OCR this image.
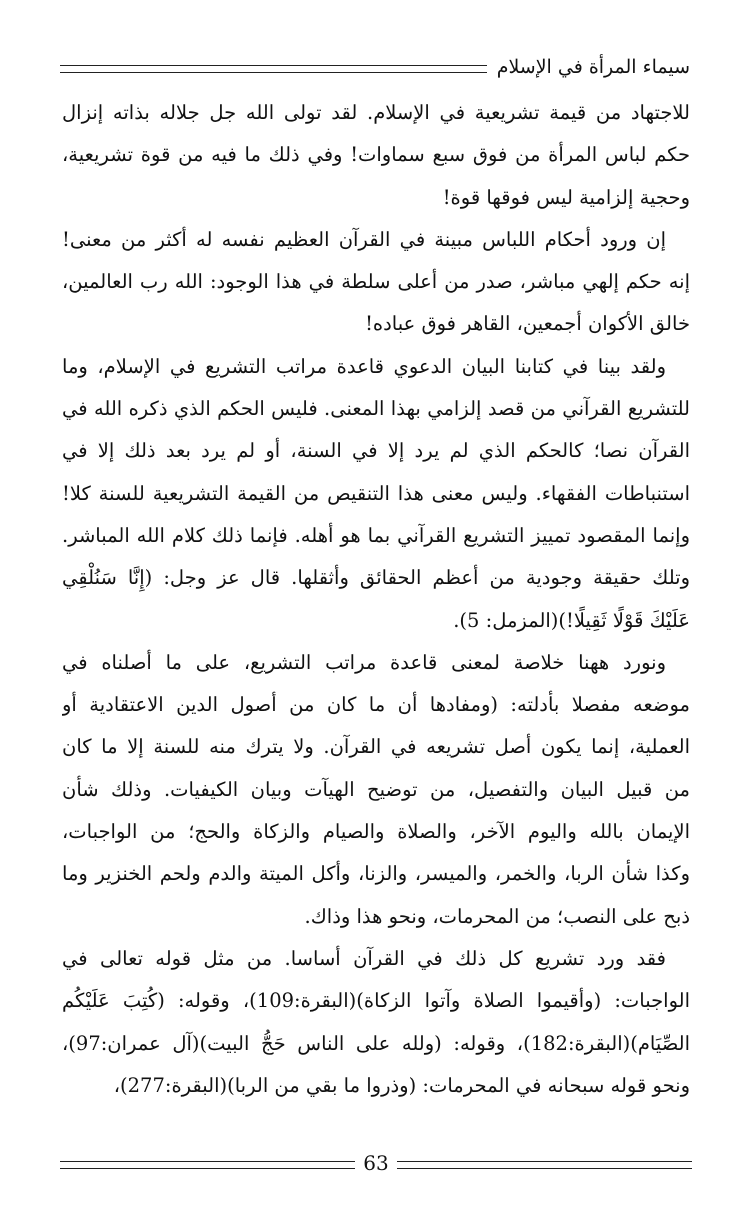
سيماء المرأة في الإسلام
للاجتهاد من قيمة تشريعية في الإسلام. لقد تولى الله جل جلاله بذاته إنزال
حكم لباس المرأة من فوق سبع سماوات! وفي ذلك ما فيه من قوة تشريعية،
وحجية إلزامية ليس فوقها قوة!
إن ورود أحكام اللباس مبينة في القرآن العظيم نفسه له أكثر من معنى!
إنه حكم إلهي مباشر، صدر من أعلى سلطة في هذا الوجود: الله رب العالمين،
خالق الأكوان أجمعين، القاهر فوق عباده!
ولقد بينا في كتابنا البيان الدعوي قاعدة مراتب التشريع في الإسلام، وما
للتشريع القرآني من قصد إلزامي بهذا المعنى. فليس الحكم الذي ذكره الله في
القرآن نصا؛ كالحكم الذي لم يرد إلا في السنة، أو لم يرد بعد ذلك إلا في
استنباطات الفقهاء. وليس معنى هذا التنقيص من القيمة التشريعية للسنة كلا!
وإنما المقصود تمييز التشريع القرآني بما هو أهله. فإنما ذلك كلام الله المباشر.
وتلك حقيقة وجودية من أعظم الحقائق وأثقلها. قال عز وجل: (إِنَّا سَنُلْقِي
عَلَيْكَ قَوْلًا ثَقِيلًا!)(المزمل: 5).
ونورد ههنا خلاصة لمعنى قاعدة مراتب التشريع، على ما أصلناه في
موضعه مفصلا بأدلته: (ومفادها أن ما كان من أصول الدين الاعتقادية أو
العملية، إنما يكون أصل تشريعه في القرآن. ولا يترك منه للسنة إلا ما كان
من قبيل البيان والتفصيل، من توضيح الهيآت وبيان الكيفيات. وذلك شأن
الإيمان بالله واليوم الآخر، والصلاة والصيام والزكاة والحج؛ من الواجبات،
وكذا شأن الربا، والخمر، والميسر، والزنا، وأكل الميتة والدم ولحم الخنزير وما
ذبح على النصب؛ من المحرمات، ونحو هذا وذاك.
فقد ورد تشريع كل ذلك في القرآن أساسا. من مثل قوله تعالى في
الواجبات: (وأقيموا الصلاة وآتوا الزكاة)(البقرة:109)، وقوله: (كُتِبَ عَلَيْكُم
الصِّيَام)(البقرة:182)، وقوله: (ولله على الناس حَجُّ البيت)(آل عمران:97)،
ونحو قوله سبحانه في المحرمات: (وذروا ما بقي من الربا)(البقرة:277)،
63
